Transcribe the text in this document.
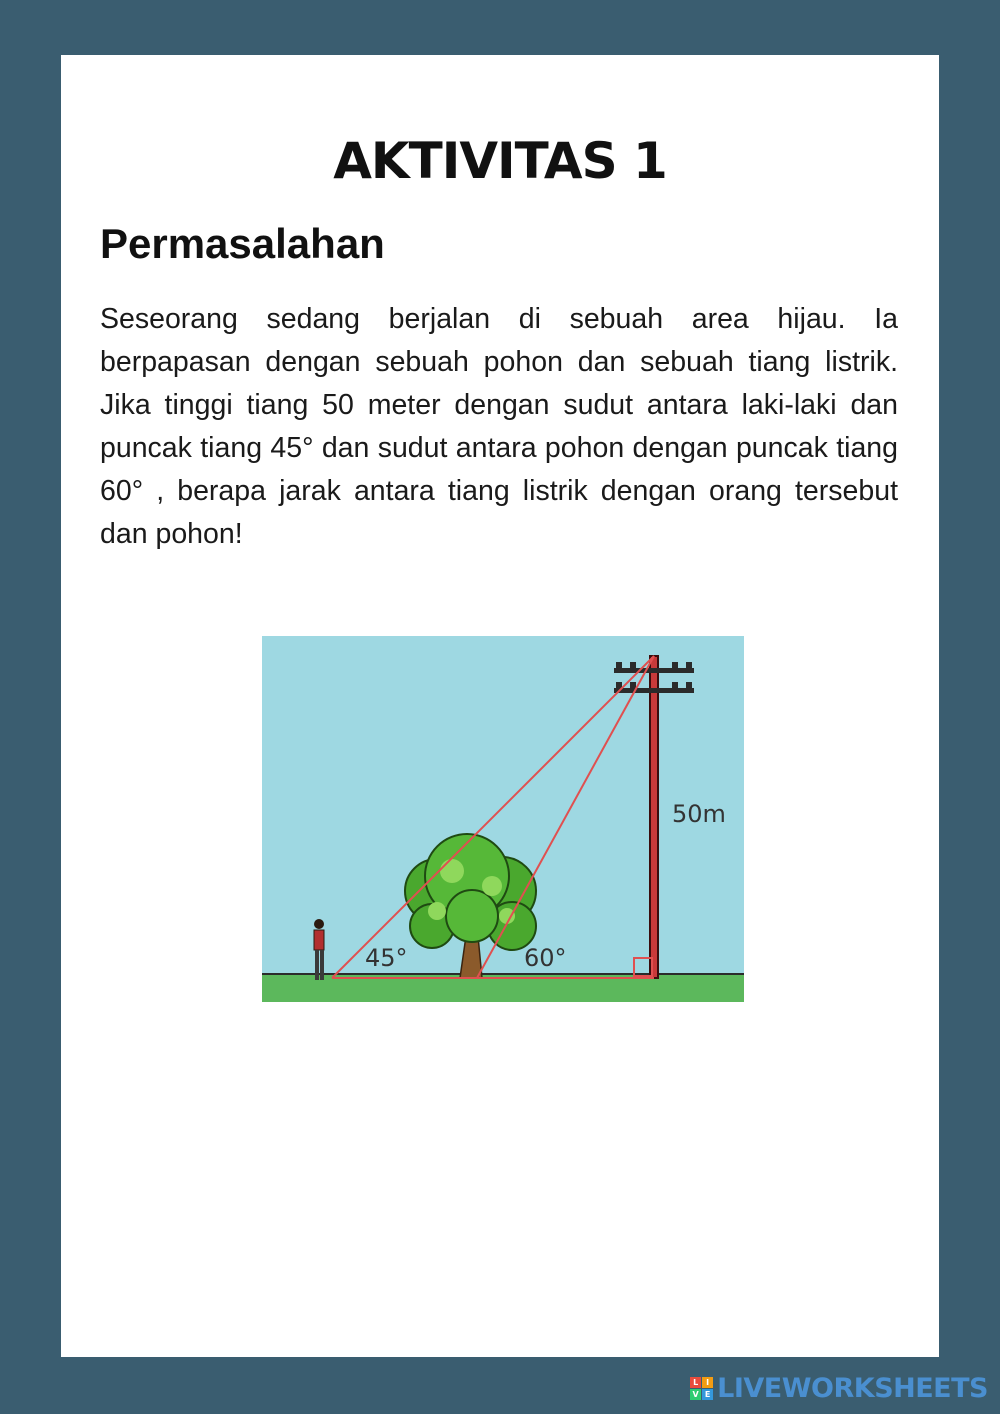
AKTIVITAS 1
Permasalahan

Seseorang sedang berjalan di sebuah area hijau. Ia berpapasan dengan sebuah pohon dan sebuah tiang listrik. Jika tinggi tiang 50 meter dengan sudut antara laki-laki dan puncak tiang 45° dan sudut antara pohon dengan puncak tiang 60° , berapa jarak antara tiang listrik dengan orang tersebut dan pohon!

45°	60°
50m
L I
V E LIVEWORKSHEETS
